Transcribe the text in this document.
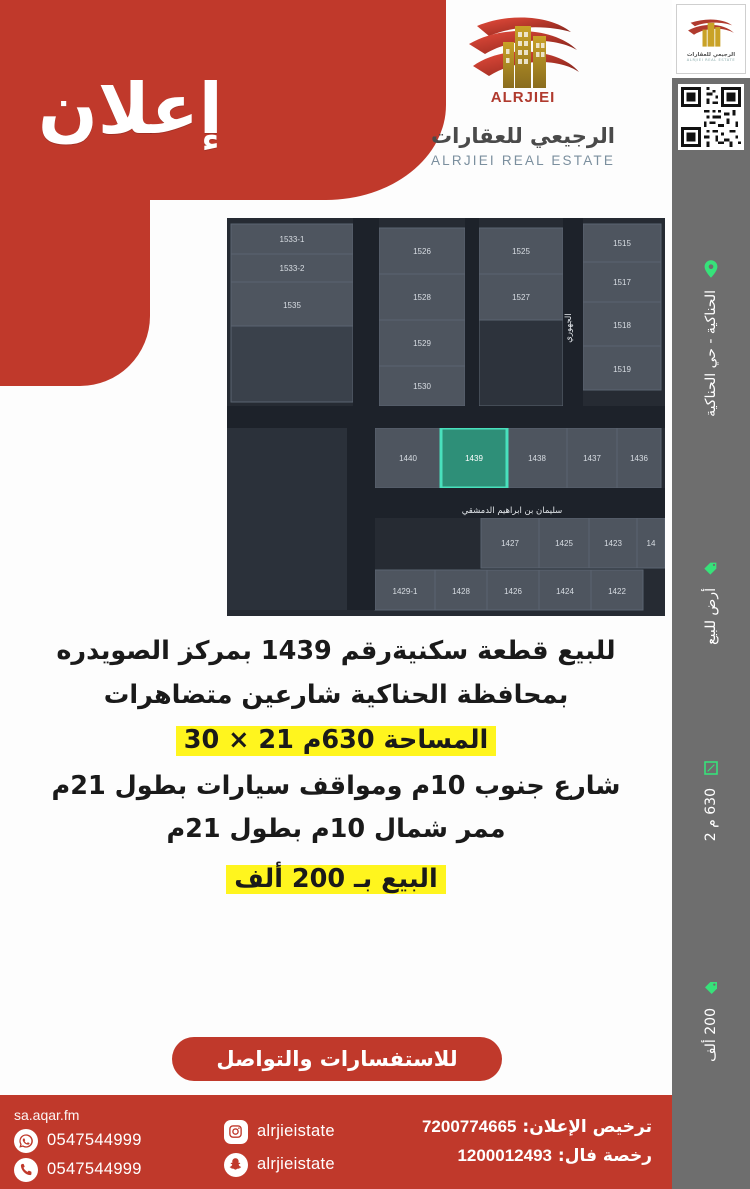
إعلان	ALRJIEI
الرجيعي للعقارات
ALRJIEI REAL ESTATE
1533-1
1533-2
1535
1526
1528
1529
1530
1525
1527
1515
1517
1518
1519
1440	1439	1438	1437	1436
1427	1425	1423	14
1429-1	1428	1426	1424	1422
سليمان بن ابراهيم الدمشقي
الجهوري
للبيع قطعة سكنية‌رقم 1439 بمركز الصويدره
بمحافظة الحناكية شارعين متضاهرات
المساحة 630م 21 × 30
شارع جنوب 10م ومواقف سيارات بطول 21م
ممر شمال 10م بطول 21م
البيع بـ 200 ألف
للاستفسارات والتواصل
ترخيص الإعلان: 7200774665
رخصة فال: 1200012493
alrjieistate
alrjieistate
sa.aqar.fm
0547544999
0547544999
الرجيعي للعقارات
ALRJIEI REAL ESTATE
الحناكية - حي الحناكية
أرض للبيع
630 م 2
200 ألف
